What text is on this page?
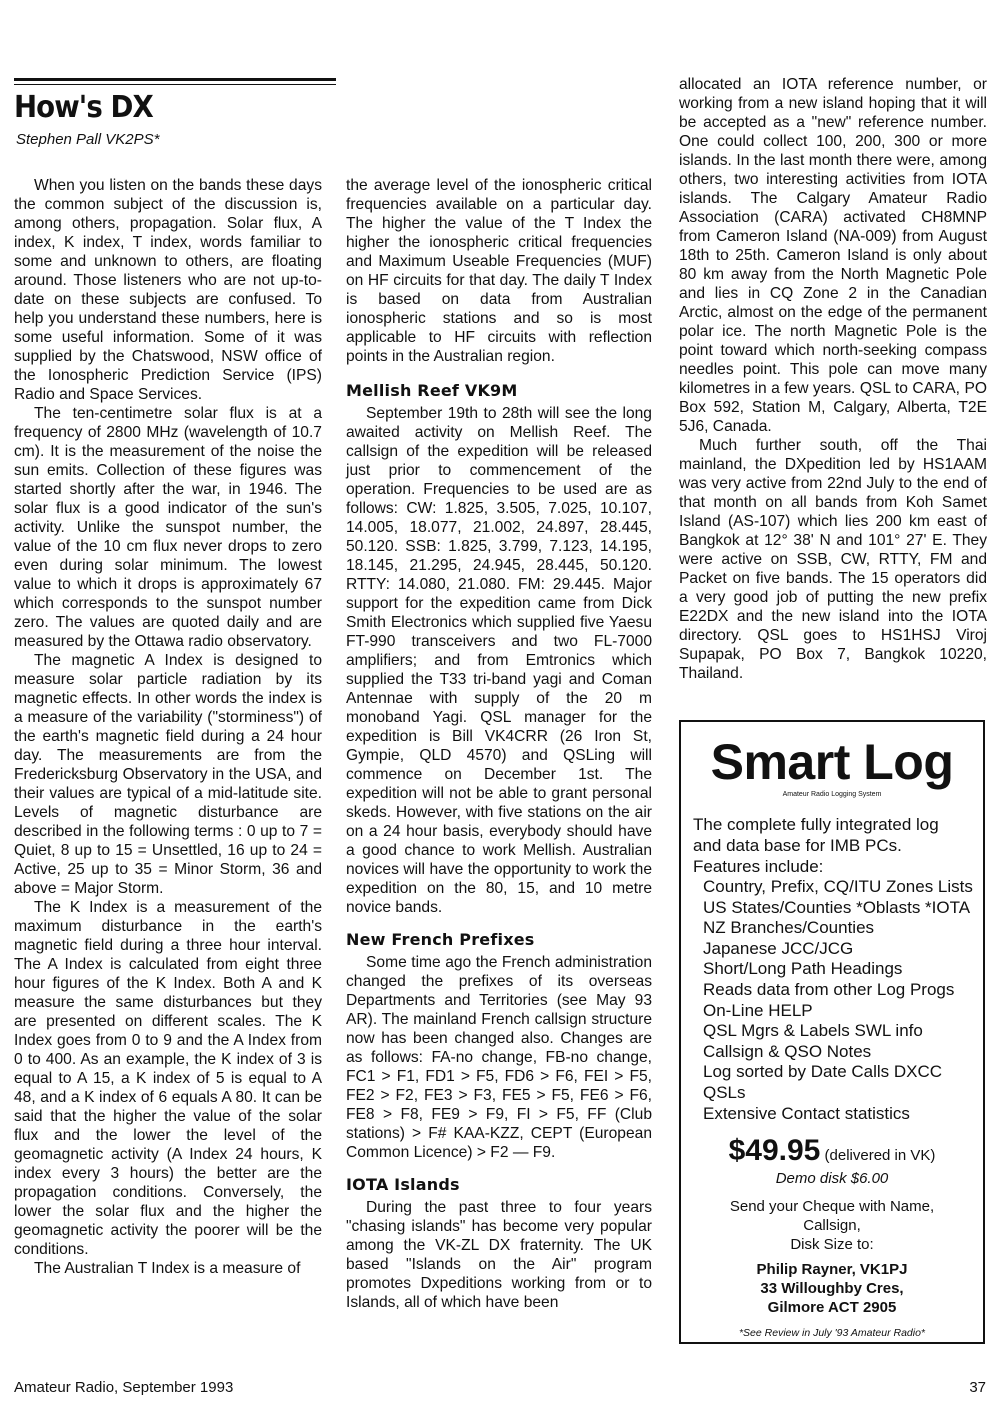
How's DX
Stephen Pall VK2PS*

When you listen on the bands these days the common subject of the discussion is, among others, propagation. Solar flux, A index, K index, T index, words familiar to some and unknown to others, are floating around. Those listeners who are not up-to-date on these subjects are confused. To help you understand these numbers, here is some useful information. Some of it was supplied by the Chatswood, NSW office of the Ionospheric Prediction Service (IPS) Radio and Space Services.

The ten-centimetre solar flux is at a frequency of 2800 MHz (wavelength of 10.7 cm). It is the measurement of the noise the sun emits. Collection of these figures was started shortly after the war, in 1946. The solar flux is a good indicator of the sun's activity. Unlike the sunspot number, the value of the 10 cm flux never drops to zero even during solar minimum. The lowest value to which it drops is approximately 67 which corresponds to the sunspot number zero. The values are quoted daily and are measured by the Ottawa radio observatory.

The magnetic A Index is designed to measure solar particle radiation by its magnetic effects. In other words the index is a measure of the variability ("storminess") of the earth's magnetic field during a 24 hour day. The measurements are from the Fredericksburg Observatory in the USA, and their values are typical of a mid-latitude site. Levels of magnetic disturbance are described in the following terms : 0 up to 7 = Quiet, 8 up to 15 = Unsettled, 16 up to 24 = Active, 25 up to 35 = Minor Storm, 36 and above = Major Storm.

The K Index is a measurement of the maximum disturbance in the earth's magnetic field during a three hour interval. The A Index is calculated from eight three hour figures of the K Index. Both A and K measure the same disturbances but they are presented on different scales. The K Index goes from 0 to 9 and the A Index from 0 to 400. As an example, the K index of 3 is equal to A 15, a K index of 5 is equal to A 48, and a K index of 6 equals A 80. It can be said that the higher the value of the solar flux and the lower the level of the geomagnetic activity (A Index 24 hours, K index every 3 hours) the better are the propagation conditions. Conversely, the lower the solar flux and the higher the geomagnetic activity the poorer will be the conditions.

The Australian T Index is a measure of

the average level of the ionospheric critical frequencies available on a particular day. The higher the value of the T Index the higher the ionospheric critical frequencies and Maximum Useable Frequencies (MUF) on HF circuits for that day. The daily T Index is based on data from Australian ionospheric stations and so is most applicable to HF circuits with reflection points in the Australian region.

Mellish Reef VK9M

September 19th to 28th will see the long awaited activity on Mellish Reef. The callsign of the expedition will be released just prior to commencement of the operation. Frequencies to be used are as follows: CW: 1.825, 3.505, 7.025, 10.107, 14.005, 18.077, 21.002, 24.897, 28.445, 50.120. SSB: 1.825, 3.799, 7.123, 14.195, 18.145, 21.295, 24.945, 28.445, 50.120. RTTY: 14.080, 21.080. FM: 29.445. Major support for the expedition came from Dick Smith Electronics which supplied five Yaesu FT-990 transceivers and two FL-7000 amplifiers; and from Emtronics which supplied the T33 tri-band yagi and Coman Antennae with supply of the 20 m monoband Yagi. QSL manager for the expedition is Bill VK4CRR (26 Iron St, Gympie, QLD 4570) and QSLing will commence on December 1st. The expedition will not be able to grant personal skeds. However, with five stations on the air on a 24 hour basis, everybody should have a good chance to work Mellish. Australian novices will have the opportunity to work the expedition on the 80, 15, and 10 metre novice bands.

New French Prefixes

Some time ago the French administration changed the prefixes of its overseas Departments and Territories (see May 93 AR). The mainland French callsign structure now has been changed also. Changes are as follows: FA-no change, FB-no change, FC1 > F1, FD1 > F5, FD6 > F6, FEI > F5, FE2 > F2, FE3 > F3, FE5 > F5, FE6 > F6, FE8 > F8, FE9 > F9, FI > F5, FF (Club stations) > F# KAA-KZZ, CEPT (European Common Licence) > F2 — F9.

IOTA Islands

During the past three to four years "chasing islands" has become very popular among the VK-ZL DX fraternity. The UK based "Islands on the Air" program promotes Dxpeditions working from or to Islands, all of which have been

allocated an IOTA reference number, or working from a new island hoping that it will be accepted as a "new" reference number. One could collect 100, 200, 300 or more islands. In the last month there were, among others, two interesting activities from IOTA islands. The Calgary Amateur Radio Association (CARA) activated CH8MNP from Cameron Island (NA-009) from August 18th to 25th. Cameron Island is only about 80 km away from the North Magnetic Pole and lies in CQ Zone 2 in the Canadian Arctic, almost on the edge of the permanent polar ice. The north Magnetic Pole is the point toward which north-seeking compass needles point. This pole can move many kilometres in a few years. QSL to CARA, PO Box 592, Station M, Calgary, Alberta, T2E 5J6, Canada.

Much further south, off the Thai mainland, the DXpedition led by HS1AAM was very active from 22nd July to the end of that month on all bands from Koh Samet Island (AS-107) which lies 200 km east of Bangkok at 12° 38' N and 101° 27' E. They were active on SSB, CW, RTTY, FM and Packet on five bands. The 15 operators did a very good job of putting the new prefix E22DX and the new island into the IOTA directory. QSL goes to HS1HSJ Viroj Supapak, PO Box 7, Bangkok 10220, Thailand.

Smart Log
Amateur Radio Logging System
The complete fully integrated log
and data base for IMB PCs.
Features include:
Country, Prefix, CQ/ITU Zones Lists
US States/Counties *Oblasts *IOTA
NZ Branches/Counties
Japanese JCC/JCG
Short/Long Path Headings
Reads data from other Log Progs
On-Line HELP
QSL Mgrs & Labels SWL info
Callsign & QSO Notes
Log sorted by Date Calls DXCC
QSLs
Extensive Contact statistics
$49.95 (delivered in VK)
Demo disk $6.00
Send your Cheque with Name,
Callsign,
Disk Size to:
Philip Rayner, VK1PJ
33 Willoughby Cres,
Gilmore ACT 2905
*See Review in July '93 Amateur Radio*
Amateur Radio, September 1993	37
